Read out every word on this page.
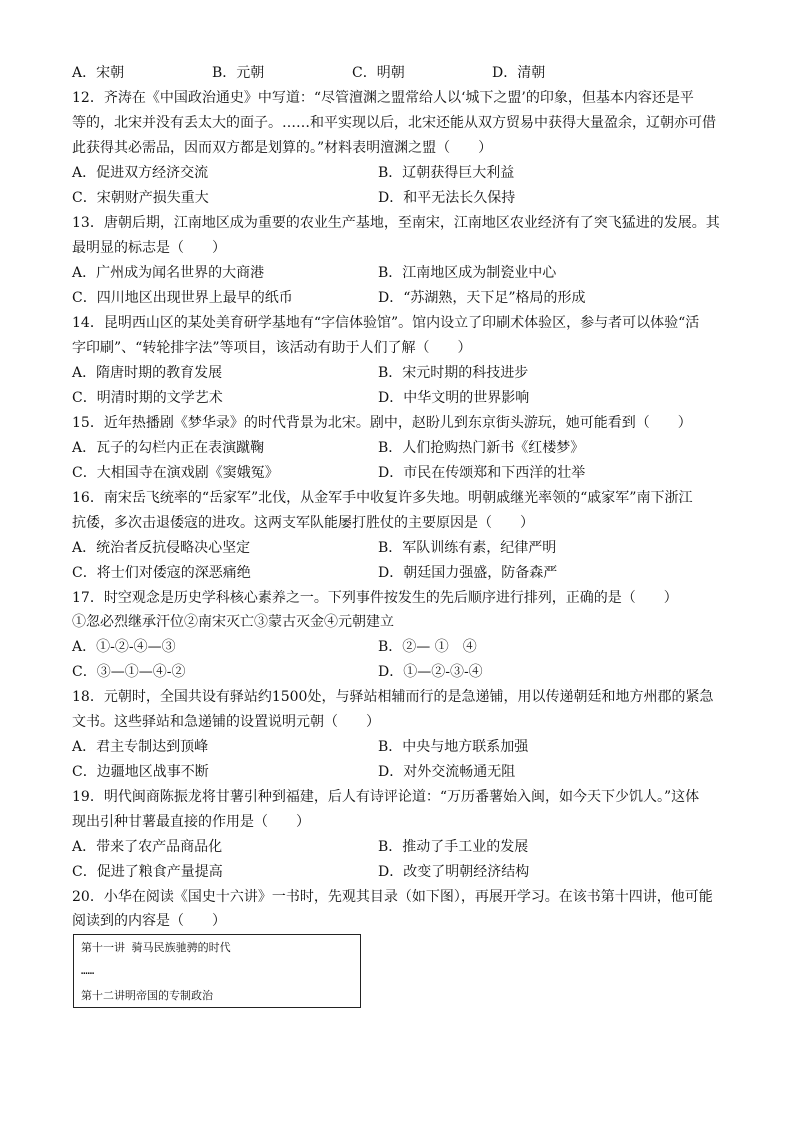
A．宋朝	B．元朝	C．明朝	D．清朝
12．齐涛在《中国政治通史》中写道：“尽管澶渊之盟常给人以‘城下之盟’的印象，但基本内容还是平
等的，北宋并没有丢太大的面子。……和平实现以后，北宋还能从双方贸易中获得大量盈余，辽朝亦可借
此获得其必需品，因而双方都是划算的。”材料表明澶渊之盟（　　）
A．促进双方经济交流	B．辽朝获得巨大利益
C．宋朝财产损失重大	D．和平无法长久保持
13．唐朝后期，江南地区成为重要的农业生产基地，至南宋，江南地区农业经济有了突飞猛进的发展。其
最明显的标志是（　　）
A．广州成为闻名世界的大商港	B．江南地区成为制瓷业中心
C．四川地区出现世界上最早的纸币	D．“苏湖熟，天下足”格局的形成
14．昆明西山区的某处美育研学基地有“字信体验馆”。馆内设立了印刷术体验区，参与者可以体验“活
字印刷”、“转轮排字法”等项目，该活动有助于人们了解（　　）
A．隋唐时期的教育发展	B．宋元时期的科技进步
C．明清时期的文学艺术	D．中华文明的世界影响
15．近年热播剧《梦华录》的时代背景为北宋。剧中，赵盼儿到东京街头游玩，她可能看到（　　）
A．瓦子的勾栏内正在表演蹴鞠	B．人们抢购热门新书《红楼梦》
C．大相国寺在演戏剧《窦娥冤》	D．市民在传颂郑和下西洋的壮举
16．南宋岳飞统率的“岳家军”北伐，从金军手中收复许多失地。明朝戚继光率领的“戚家军”南下浙江
抗倭，多次击退倭寇的进攻。这两支军队能屡打胜仗的主要原因是（　　）
A．统治者反抗侵略决心坚定	B．军队训练有素，纪律严明
C．将士们对倭寇的深恶痛绝	D．朝廷国力强盛，防备森严
17．时空观念是历史学科核心素养之一。下列事件按发生的先后顺序进行排列，正确的是（　　）
①忽必烈继承汗位②南宋灭亡③蒙古灭金④元朝建立
A．①-②-④—③	B．②— ①　④
C．③—①—④-②	D．①—②-③-④
18．元朝时，全国共设有驿站约1500处，与驿站相辅而行的是急递铺，用以传递朝廷和地方州郡的紧急
文书。这些驿站和急递铺的设置说明元朝（　　）
A．君主专制达到顶峰	B．中央与地方联系加强
C．边疆地区战事不断	D．对外交流畅通无阻
19．明代闽商陈振龙将甘薯引种到福建，后人有诗评论道：“万历番薯始入闽，如今天下少饥人。”这体
现出引种甘薯最直接的作用是（　　）
A．带来了农产品商品化	B．推动了手工业的发展
C．促进了粮食产量提高	D．改变了明朝经济结构
20．小华在阅读《国史十六讲》一书时，先观其目录（如下图），再展开学习。在该书第十四讲，他可能
阅读到的内容是（　　）
第十一讲 骑马民族驰骋的时代
……
第十二讲明帝国的专制政治
